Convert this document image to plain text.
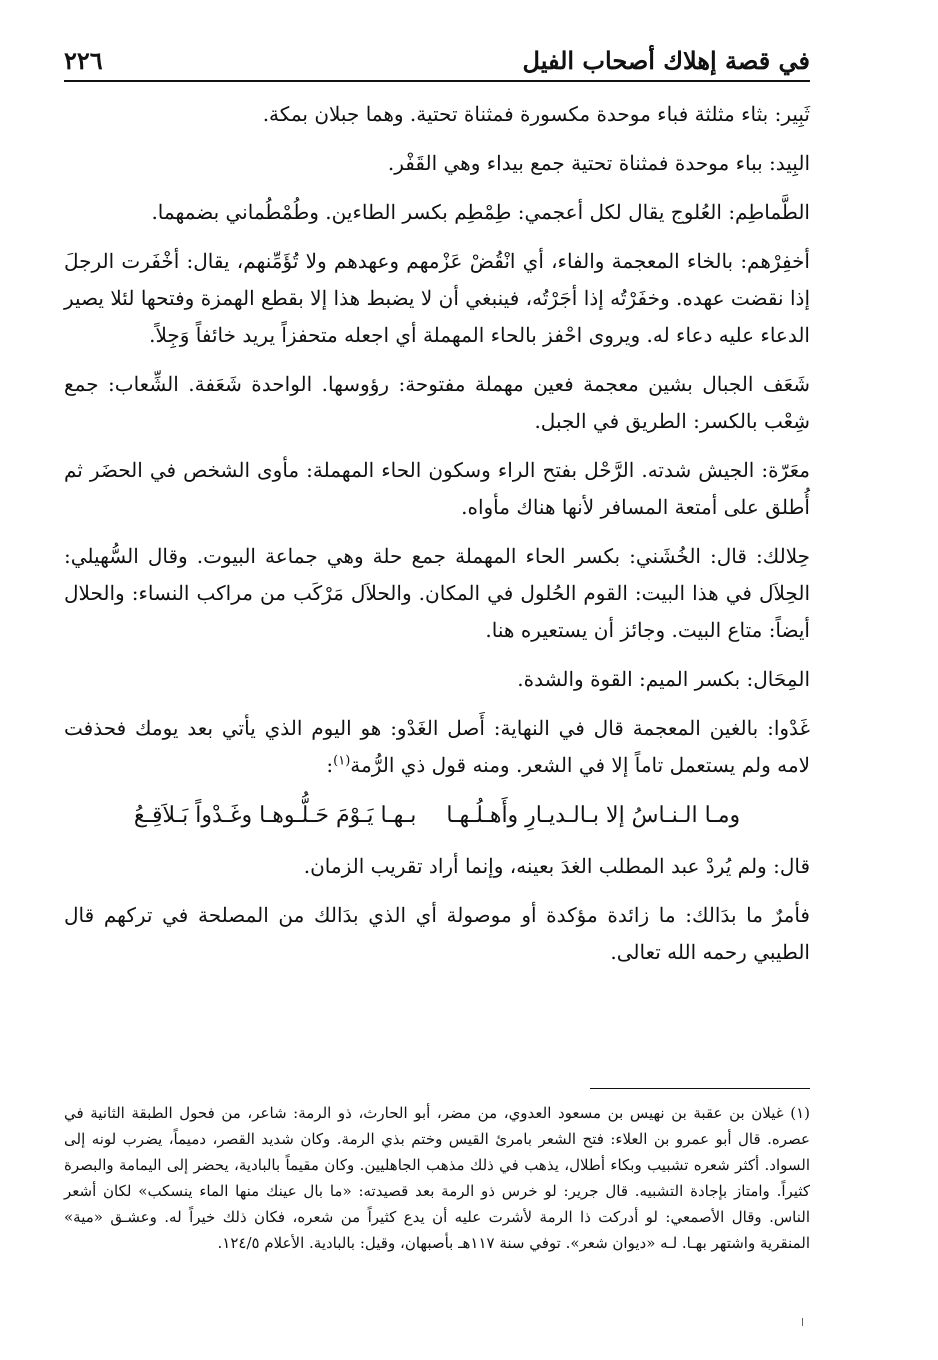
في قصة إهلاك أصحاب الفيل
٢٢٦

ثَبِير: بثاء مثلثة فباء موحدة مكسورة فمثناة تحتية. وهما جبلان بمكة.

البِيد: بباء موحدة فمثناة تحتية جمع بيداء وهي القَفْر.

الطَّماطِم: العُلوج يقال لكل أعجمي: طِمْطِم بكسر الطاءين. وطُمْطُماني بضمهما.

أخفِرْهم: بالخاء المعجمة والفاء، أي انْقُضْ عَزْمهم وعهدهم ولا تُؤَمِّنهم، يقال: أخْفَرت الرجلَ إذا نقضت عهده. وخفَرْتُه إذا أجَرْتُه، فينبغي أن لا يضبط هذا إلا بقطع الهمزة وفتحها لئلا يصير الدعاء عليه دعاء له. ويروى احْفز بالحاء المهملة أي اجعله متحفزاً يريد خائفاً وَجِلاً.

شَعَف الجبال بشين معجمة فعين مهملة مفتوحة: رؤوسها. الواحدة شَعَفة. الشِّعاب: جمع شِعْب بالكسر: الطريق في الجبل.

معَرّة: الجيش شدته. الرَّحْل بفتح الراء وسكون الحاء المهملة: مأوى الشخص في الحضَر ثم أُطلق على أمتعة المسافر لأنها هناك مأواه.

حِلالك: قال: الخُشَني: بكسر الحاء المهملة جمع حلة وهي جماعة البيوت. وقال السُّهيلي: الحِلاَل في هذا البيت: القوم الحُلول في المكان. والحلاَل مَرْكَب من مراكب النساء: والحلال أيضاً: متاع البيت. وجائز أن يستعيره هنا.

المِحَال: بكسر الميم: القوة والشدة.

غَدْوا: بالغين المعجمة قال في النهاية: أَصل الغَدْو: هو اليوم الذي يأتي بعد يومك فحذفت لامه ولم يستعمل تاماً إلا في الشعر. ومنه قول ذي الرُّمة$^{(١)}$:

ومـا الـنـاسُ إلا بـالـديـارِ وأَهـلُـهـا
بـهـا يَـوْمَ حَـلُّـوهـا وغَـدْواً بَـلاَقِـعُ

قال: ولم يُردْ عبد المطلب الغدَ بعينه، وإنما أراد تقريب الزمان.

فأمرٌ ما بدَالك: ما زائدة مؤكدة أو موصولة أي الذي بدَالك من المصلحة في تركهم قال الطيبي رحمه الله تعالى.

(١) غيلان بن عقبة بن نهيس بن مسعود العدوي، من مضر، أبو الحارث، ذو الرمة: شاعر، من فحول الطبقة الثانية في عصره. قال أبو عمرو بن العلاء: فتح الشعر بامرئ القيس وختم بذي الرمة. وكان شديد القصر، دميماً، يضرب لونه إلى السواد. أكثر شعره تشبيب وبكاء أطلال، يذهب في ذلك مذهب الجاهليين. وكان مقيماً بالبادية، يحضر إلى اليمامة والبصرة كثيراً. وامتاز بإجادة التشبيه. قال جرير: لو خرس ذو الرمة بعد قصيدته: «ما بال عينك منها الماء ينسكب» لكان أشعر الناس. وقال الأصمعي: لو أدركت ذا الرمة لأشرت عليه أن يدع كثيراً من شعره، فكان ذلك خيراً له. وعشـق «مية» المنقرية واشتهر بهـا. لـه «ديوان شعر». توفي سنة ١١٧هـ بأصبهان، وقيل: بالبادية. الأعلام ١٢٤/٥.
